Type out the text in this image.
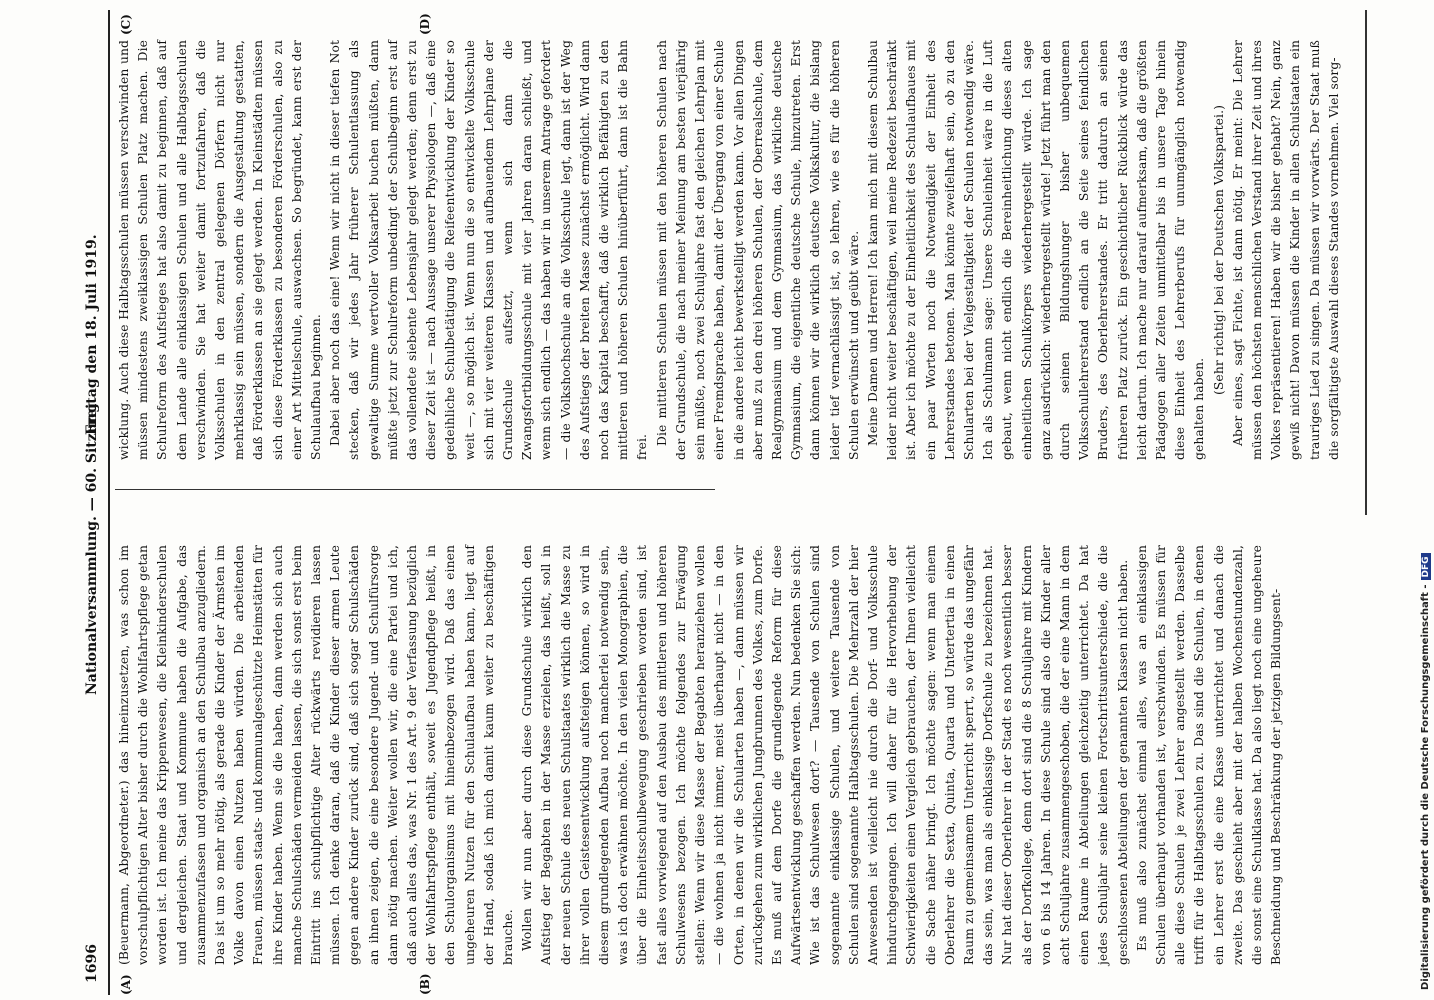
1696
Nationalversammlung. — 60. Sitzung.
Freitag den 18. Juli 1919.
(A)	(B)
(C)	(D)

(Beuermann, Abgeordneter.) das hineinzusetzen, was schon im vorschulpflichtigen Alter bisher durch die Wohlfahrtspflege getan worden ist. Ich meine das Krippenwesen, die Kleinkinderschulen und dergleichen. Staat und Kommune haben die Aufgabe, das zusammenzufassen und organisch an den Schulbau anzugliedern. Das ist um so mehr nötig, als gerade die Kinder der Ärmsten im Volke davon einen Nutzen haben würden. Die arbeitenden Frauen, müssen staats- und kommunalgeschützte Heimstätten für ihre Kinder haben. Wenn sie die haben, dann werden sich auch manche Schulschäden vermeiden lassen, die sich sonst erst beim Eintritt ins schulpflichtige Alter rückwärts revidieren lassen müssen. Ich denke daran, daß die Kinder dieser armen Leute gegen andere Kinder zurück sind, daß sich sogar Schulschäden an ihnen zeigen, die eine besondere Jugend- und Schulfürsorge dann nötig machen. Weiter wollen wir, die eine Partei und ich, daß auch alles das, was Nr. 1 des Art. 9 der Verfassung bezüglich der Wohlfahrtspflege enthält, soweit es Jugendpflege heißt, in den Schulorganismus mit hineinbezogen wird. Daß das einen ungeheuren Nutzen für den Schulaufbau haben kann, liegt auf der Hand, sodaß ich mich damit kaum weiter zu beschäftigen brauche. Wollen wir nun aber durch diese Grundschule wirklich den Aufstieg der Begabten in der Masse erzielen, das heißt, soll in der neuen Schule des neuen Schulstaates wirklich die Masse zu ihrer vollen Geistesentwicklung aufsteigen können, so wird in diesem grundlegenden Aufbau noch mancherlei notwendig sein, was ich doch erwähnen möchte. In den vielen Monographien, die über die Einheitsschulbewegung geschrieben worden sind, ist fast alles vorwiegend auf den Ausbau des mittleren und höheren Schulwesens bezogen. Ich möchte folgendes zur Erwägung stellen: Wenn wir diese Masse der Begabten heranziehen wollen — die wohnen ja nicht immer, meist überhaupt nicht — in den Orten, in denen wir die Schularten haben —, dann müssen wir zurückgehen zum wirklichen Jungbrunnen des Volkes, zum Dorfe. Es muß auf dem Dorfe die grundlegende Reform für diese Aufwärtsentwicklung geschaffen werden. Nun bedenken Sie sich: Wie ist das Schulwesen dort? — Tausende von Schulen sind sogenannte einklassige Schulen, und weitere Tausende von Schulen sind sogenannte Halbtagsschulen. Die Mehrzahl der hier Anwesenden ist vielleicht nie durch die Dorf- und Volksschule hindurchgegangen. Ich will daher für die Hervorhebung der Schwierigkeiten einen Vergleich gebrauchen, der Ihnen vielleicht die Sache näher bringt. Ich möchte sagen: wenn man einem Oberlehrer die Sexta, Quinta, Quarta und Untertertia in einen Raum zu gemeinsamem Unterricht sperrt, so würde das ungefähr das sein, was man als einklassige Dorfschule zu bezeichnen hat. Nur hat dieser Oberlehrer in der Stadt es noch wesentlich besser als der Dorfkollege, denn dort sind die 8 Schuljahre mit Kindern von 6 bis 14 Jahren. In diese Schule sind also die Kinder aller acht Schuljahre zusammengeschoben, die der eine Mann in dem einen Raume in Abteilungen gleichzeitig unterrichtet. Da hat jedes Schuljahr seine kleinen Fortschrittsunterschiede, die die geschlossenen Abteilungen der genannten Klassen nicht haben. Es muß also zunächst einmal alles, was an einklassigen Schulen überhaupt vorhanden ist, verschwinden. Es müssen für alle diese Schulen je zwei Lehrer angestellt werden. Dasselbe trifft für die Halbtagsschulen zu. Das sind die Schulen, in denen ein Lehrer erst die eine Klasse unterrichtet und danach die zweite. Das geschieht aber mit der halben Wochenstundenzahl, die sonst eine Schulklasse hat. Da also liegt noch eine ungeheure Beschneidung und Beschränkung der jetzigen Bildungsent-

wicklung. Auch diese Halbtagsschulen müssen verschwinden und müssen mindestens zweiklassigen Schulen Platz machen. Die Schulreform des Aufstieges hat also damit zu beginnen, daß auf dem Lande alle einklassigen Schulen und alle Halbtagsschulen verschwinden. Sie hat weiter damit fortzufahren, daß die Volksschulen in den zentral gelegenen Dörfern nicht nur mehrklassig sein müssen, sondern die Ausgestaltung gestatten, daß Förderklassen an sie gelegt werden. In Kleinstädten müssen sich diese Förderklassen zu besonderen Förderschulen, also zu einer Art Mittelschule, auswachsen. So begründet, kann erst der Schulaufbau beginnen. Dabei aber noch das eine! Wenn wir nicht in dieser tiefen Not stecken, daß wir jedes Jahr früherer Schulentlassung als gewaltige Summe wertvoller Volksarbeit buchen müßten, dann müßte jetzt zur Schulreform unbedingt der Schulbeginn erst auf das vollendete siebente Lebensjahr gelegt werden; denn erst zu dieser Zeit ist — nach Aussage unserer Physiologen —, daß eine gedeihliche Schulbetätigung die Reifeentwicklung der Kinder so weit —, so möglich ist. Wenn nun die so entwickelte Volksschule sich mit vier weiteren Klassen und aufbauendem Lehrplane der Grundschule aufsetzt, wenn sich dann die Zwangsfortbildungsschule mit vier Jahren daran schließt, und wenn sich endlich — das haben wir in unserem Antrage gefordert — die Volkshochschule an die Volksschule legt, dann ist der Weg des Aufstiegs der breiten Masse zunächst ermöglicht. Wird dann noch das Kapital beschafft, daß die wirklich Befähigten zu den mittleren und höheren Schulen hinüberführt, dann ist die Bahn frei.

Die mittleren Schulen müssen mit den höheren Schulen nach der Grundschule, die nach meiner Meinung am besten vierjährig sein müßte, noch zwei Schuljahre fast den gleichen Lehrplan mit einer Fremdsprache haben, damit der Übergang von einer Schule in die andere leicht bewerkstelligt werden kann. Vor allen Dingen aber muß zu den drei höheren Schulen, der Oberrealschule, dem Realgymnasium und dem Gymnasium, das wirkliche deutsche Gymnasium, die eigentliche deutsche Schule, hinzutreten. Erst dann können wir die wirklich deutsche Volkskultur, die bislang leider tief vernachlässigt ist, so lehren, wie es für die höheren Schulen erwünscht und geübt wäre. Meine Damen und Herren! Ich kann mich mit diesem Schulbau leider nicht weiter beschäftigen, weil meine Redezeit beschränkt ist. Aber ich möchte zu der Einheitlichkeit des Schulaufbaues mit ein paar Worten noch die Notwendigkeit der Einheit des Lehrerstandes betonen. Man könnte zweifelhaft sein, ob zu den Schularten bei der Vielgestaltigkeit der Schulen notwendig wäre. Ich als Schulmann sage: Unsere Schuleinheit wäre in die Luft gebaut, wenn nicht endlich die Bereinheitlichung dieses alten einheitlichen Schulkörpers wiederhergestellt würde. Ich sage ganz ausdrücklich: wiederhergestellt würde! Jetzt führt man den durch seinen Bildungshunger bisher unbequemen Volksschullehrerstand endlich an die Seite seines feindlichen Bruders, des Oberlehrerstandes. Er tritt dadurch an seinen früheren Platz zurück. Ein geschichtlicher Rückblick würde das leicht dartun. Ich mache nur darauf aufmerksam, daß die größten Pädagogen aller Zeiten unmittelbar bis in unsere Tage hinein diese Einheit des Lehrerberufs für unumgänglich notwendig gehalten haben.

(Sehr richtig! bei der Deutschen Volkspartei.) Aber eines, sagt Fichte, ist dann nötig. Er meint: Die Lehrer müssen den höchsten menschlichen Verstand ihrer Zeit und ihres Volkes repräsentieren! Haben wir die bisher gehabt? Nein, ganz gewiß nicht! Davon müssen die Kinder in allen Schulstaaten ein trauriges Lied zu singen. Da müssen wir vorwärts. Der Staat muß die sorgfältigste Auswahl dieses Standes vornehmen. Viel sorg-

Digitalisierung gefördert durch die Deutsche Forschungsgemeinschaft -DFG
